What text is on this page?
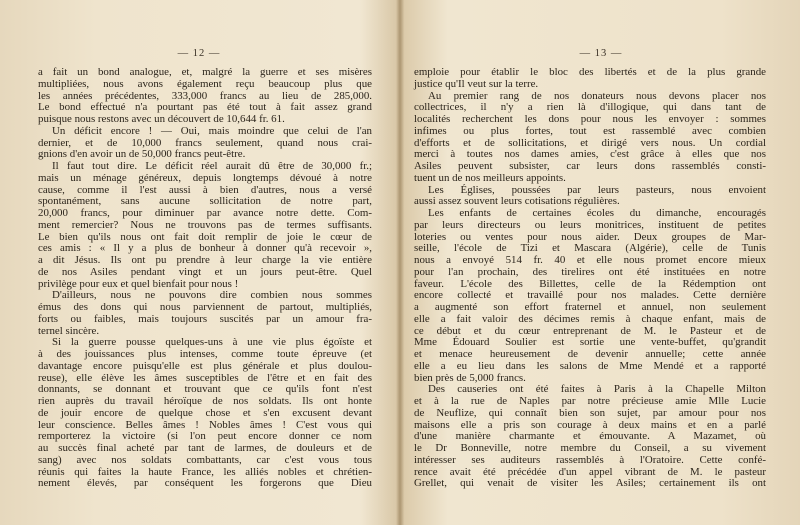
— 12 —
a fait un bond analogue, et, malgré la guerre et ses misères
multipliées, nous avons également reçu beaucoup plus que
les années précédentes, 333,000 francs au lieu de 285,000.
Le bond effectué n'a pourtant pas été tout à fait assez grand
puisque nous restons avec un découvert de 10,644 fr. 61.
Un déficit encore ! — Oui, mais moindre que celui de l'an
dernier, et de 10,000 francs seulement, quand nous crai-
gnions d'en avoir un de 50,000 francs peut-être.
Il faut tout dire. Le déficit réel aurait dû être de 30,000 fr.;
mais un ménage généreux, depuis longtemps dévoué à notre
cause, comme il l'est aussi à bien d'autres, nous a versé
spontanément, sans aucune sollicitation de notre part,
20,000 francs, pour diminuer par avance notre dette. Com-
ment remercier? Nous ne trouvons pas de termes suffisants.
Le bien qu'ils nous ont fait doit remplir de joie le cœur de
ces amis : « Il y a plus de bonheur à donner qu'à recevoir »,
a dit Jésus. Ils ont pu prendre à leur charge la vie entière
de nos Asiles pendant vingt et un jours peut-être. Quel
privilège pour eux et quel bienfait pour nous !
D'ailleurs, nous ne pouvons dire combien nous sommes
émus des dons qui nous parviennent de partout, multipliés,
forts ou faibles, mais toujours suscités par un amour fra-
ternel sincère.
Si la guerre pousse quelques-uns à une vie plus égoïste et
à des jouissances plus intenses, comme toute épreuve (et
davantage encore puisqu'elle est plus générale et plus doulou-
reuse), elle élève les âmes susceptibles de l'être et en fait des
donnants, se donnant et trouvant que ce qu'ils font n'est
rien auprès du travail héroïque de nos soldats. Ils ont honte
de jouir encore de quelque chose et s'en excusent devant
leur conscience. Belles âmes ! Nobles âmes ! C'est vous qui
remporterez la victoire (si l'on peut encore donner ce nom
au succès final acheté par tant de larmes, de douleurs et de
sang) avec nos soldats combattants, car c'est vous tous
réunis qui faites la haute France, les alliés nobles et chrétien-
nement élevés, par conséquent les forgerons que Dieu
— 13 —
emploie pour établir le bloc des libertés et de la plus grande
justice qu'Il veut sur la terre.
Au premier rang de nos donateurs nous devons placer nos
collectrices, il n'y a rien là d'illogique, qui dans tant de
localités recherchent les dons pour nous les envoyer : sommes
infimes ou plus fortes, tout est rassemblé avec combien
d'efforts et de sollicitations, et dirigé vers nous. Un cordial
merci à toutes nos dames amies, c'est grâce à elles que nos
Asiles peuvent subsister, car leurs dons rassemblés consti-
tuent un de nos meilleurs appoints.
Les Églises, poussées par leurs pasteurs, nous envoient
aussi assez souvent leurs cotisations régulières.
Les enfants de certaines écoles du dimanche, encouragés
par leurs directeurs ou leurs monitrices, instituent de petites
loteries ou ventes pour nous aider. Deux groupes de Mar-
seille, l'école de Tizi et Mascara (Algérie), celle de Tunis
nous a envoyé 514 fr. 40 et elle nous promet encore mieux
pour l'an prochain, des tirelires ont été instituées en notre
faveur. L'école des Billettes, celle de la Rédemption ont
encore collecté et travaillé pour nos malades. Cette dernière
a augmenté son effort fraternel et annuel, non seulement
elle a fait valoir des décimes remis à chaque enfant, mais de
ce début et du cœur entreprenant de M. le Pasteur et de
Mme Édouard Soulier est sortie une vente-buffet, qu'grandit
et menace heureusement de devenir annuelle; cette année
elle a eu lieu dans les salons de Mme Mendé et a rapporté
bien près de 5,000 francs.
Des causeries ont été faites à Paris à la Chapelle Milton
et à la rue de Naples par notre précieuse amie Mlle Lucie
de Neuflize, qui connaît bien son sujet, par amour pour nos
maisons elle a pris son courage à deux mains et en a parlé
d'une manière charmante et émouvante. A Mazamet, où
le Dr Bonneville, notre membre du Conseil, a su vivement
intéresser ses auditeurs rassemblés à l'Oratoire. Cette confé-
rence avait été précédée d'un appel vibrant de M. le pasteur
Grellet, qui venait de visiter les Asiles; certainement ils ont
